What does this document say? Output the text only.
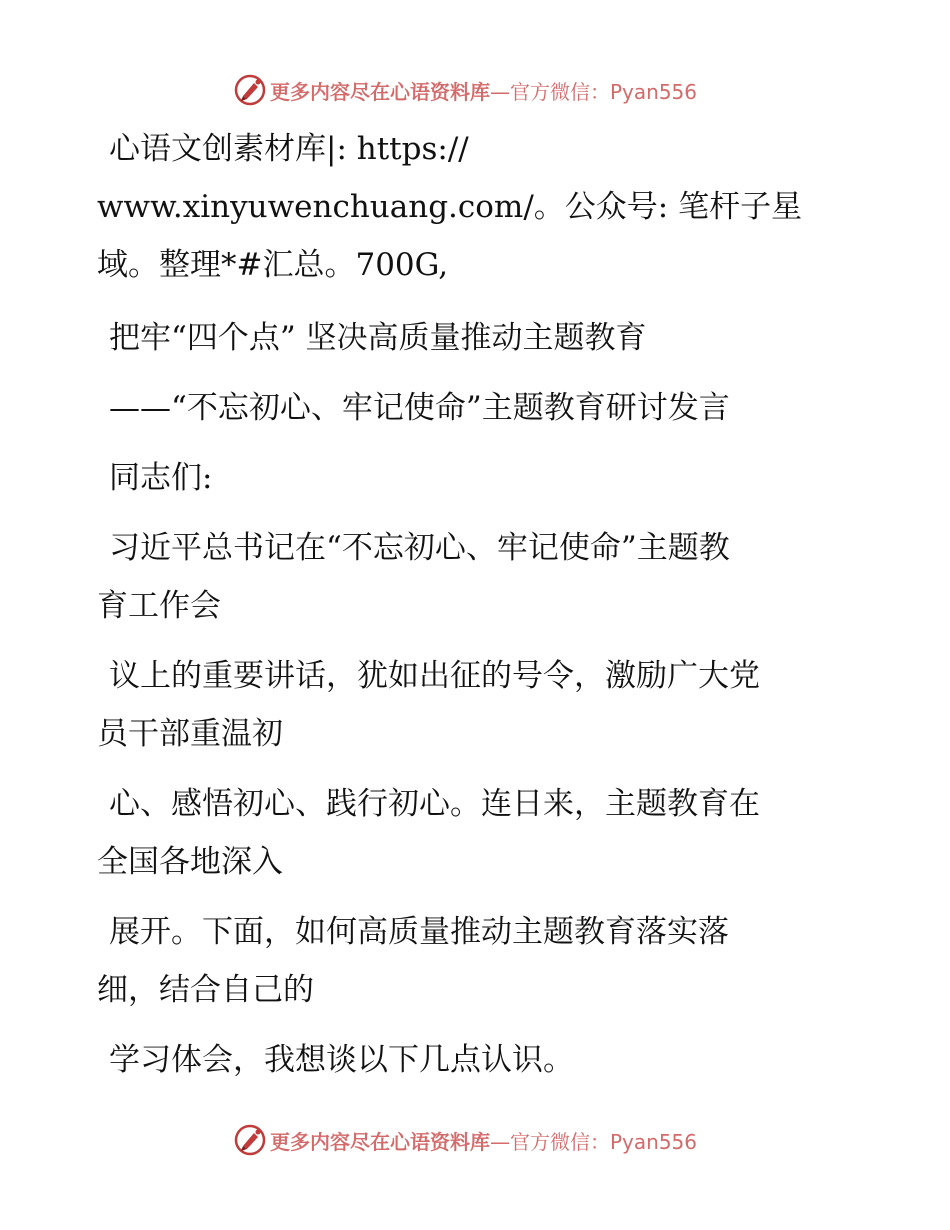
更多内容尽在心语资料库 —官方微信：Pyan556
心语文创素材库|: https://
www.xinyuwenchuang.com/。公众号: 笔杆子星
域。整理*#汇总。700G,
把牢“四个点” 坚决高质量推动主题教育
——“不忘初心、牢记使命”主题教育研讨发言
同志们:
习近平总书记在“不忘初心、牢记使命”主题教
育工作会
议上的重要讲话，犹如出征的号令，激励广大党
员干部重温初
心、感悟初心、践行初心。连日来，主题教育在
全国各地深入
展开。下面，如何高质量推动主题教育落实落
细，结合自己的
学习体会，我想谈以下几点认识。
更多内容尽在心语资料库 —官方微信：Pyan556
